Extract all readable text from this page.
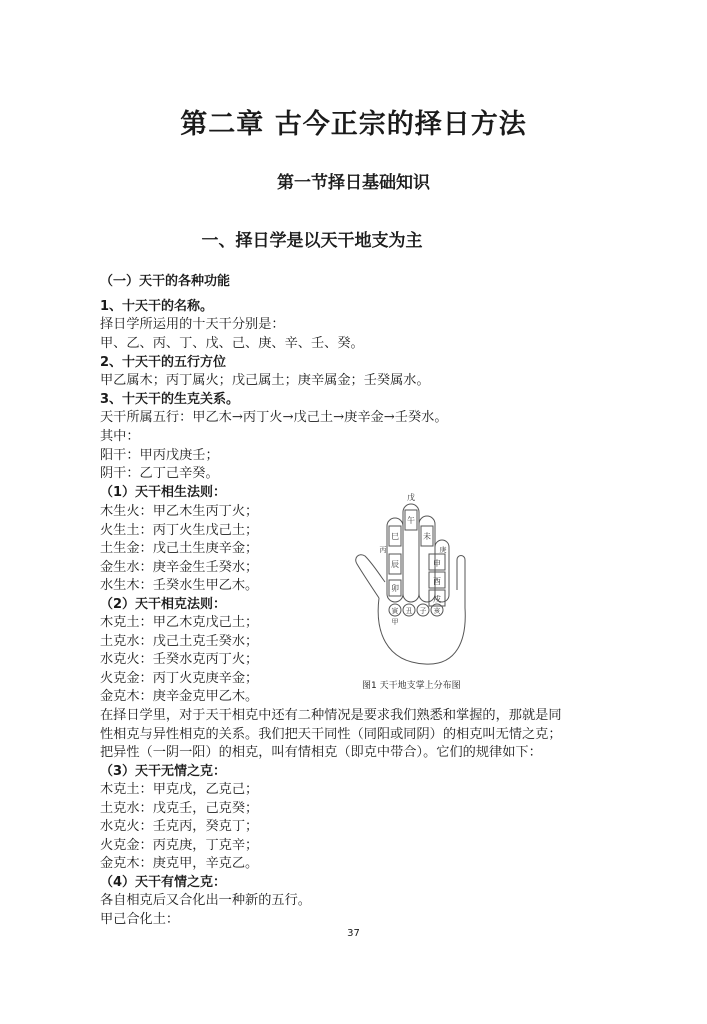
第二章 古今正宗的择日方法
第一节择日基础知识
一、择日学是以天干地支为主
（一）天干的各种功能
1、十天干的名称。
择日学所运用的十天干分别是：
甲、乙、丙、丁、戊、己、庚、辛、壬、癸。
2、十天干的五行方位
甲乙属木；丙丁属火；戊己属土；庚辛属金；壬癸属水。
3、十天干的生克关系。
天干所属五行：甲乙木→丙丁火→戊己土→庚辛金→壬癸水。
其中：
阳干：甲丙戊庚壬；
阴干：乙丁己辛癸。
（1）天干相生法则：
木生火：甲乙木生丙丁火；
火生土：丙丁火生戊己土；
土生金：戊己土生庚辛金；
金生水：庚辛金生壬癸水；
水生木：壬癸水生甲乙木。
（2）天干相克法则：
木克土：甲乙木克戊己土；
土克水：戊己土克壬癸水；
水克火：壬癸水克丙丁火；
火克金：丙丁火克庚辛金；
金克木：庚辛金克甲乙木。
戊
午
巳	未
辰
庚
申
酉
卯
丙
戌
寅 丑 子 亥
甲
图1 天干地支掌上分布图
在择日学里，对于天干相克中还有二种情况是要求我们熟悉和掌握的，那就是同
性相克与异性相克的关系。我们把天干同性（同阳或同阴）的相克叫无情之克；
把异性（一阴一阳）的相克，叫有情相克（即克中带合）。它们的规律如下：
（3）天干无情之克：
木克土：甲克戊，乙克己；
土克水：戊克壬，己克癸；
水克火：壬克丙，癸克丁；
火克金：丙克庚，丁克辛；
金克木：庚克甲，辛克乙。
（4）天干有情之克：
各自相克后又合化出一种新的五行。
甲己合化土：
37
